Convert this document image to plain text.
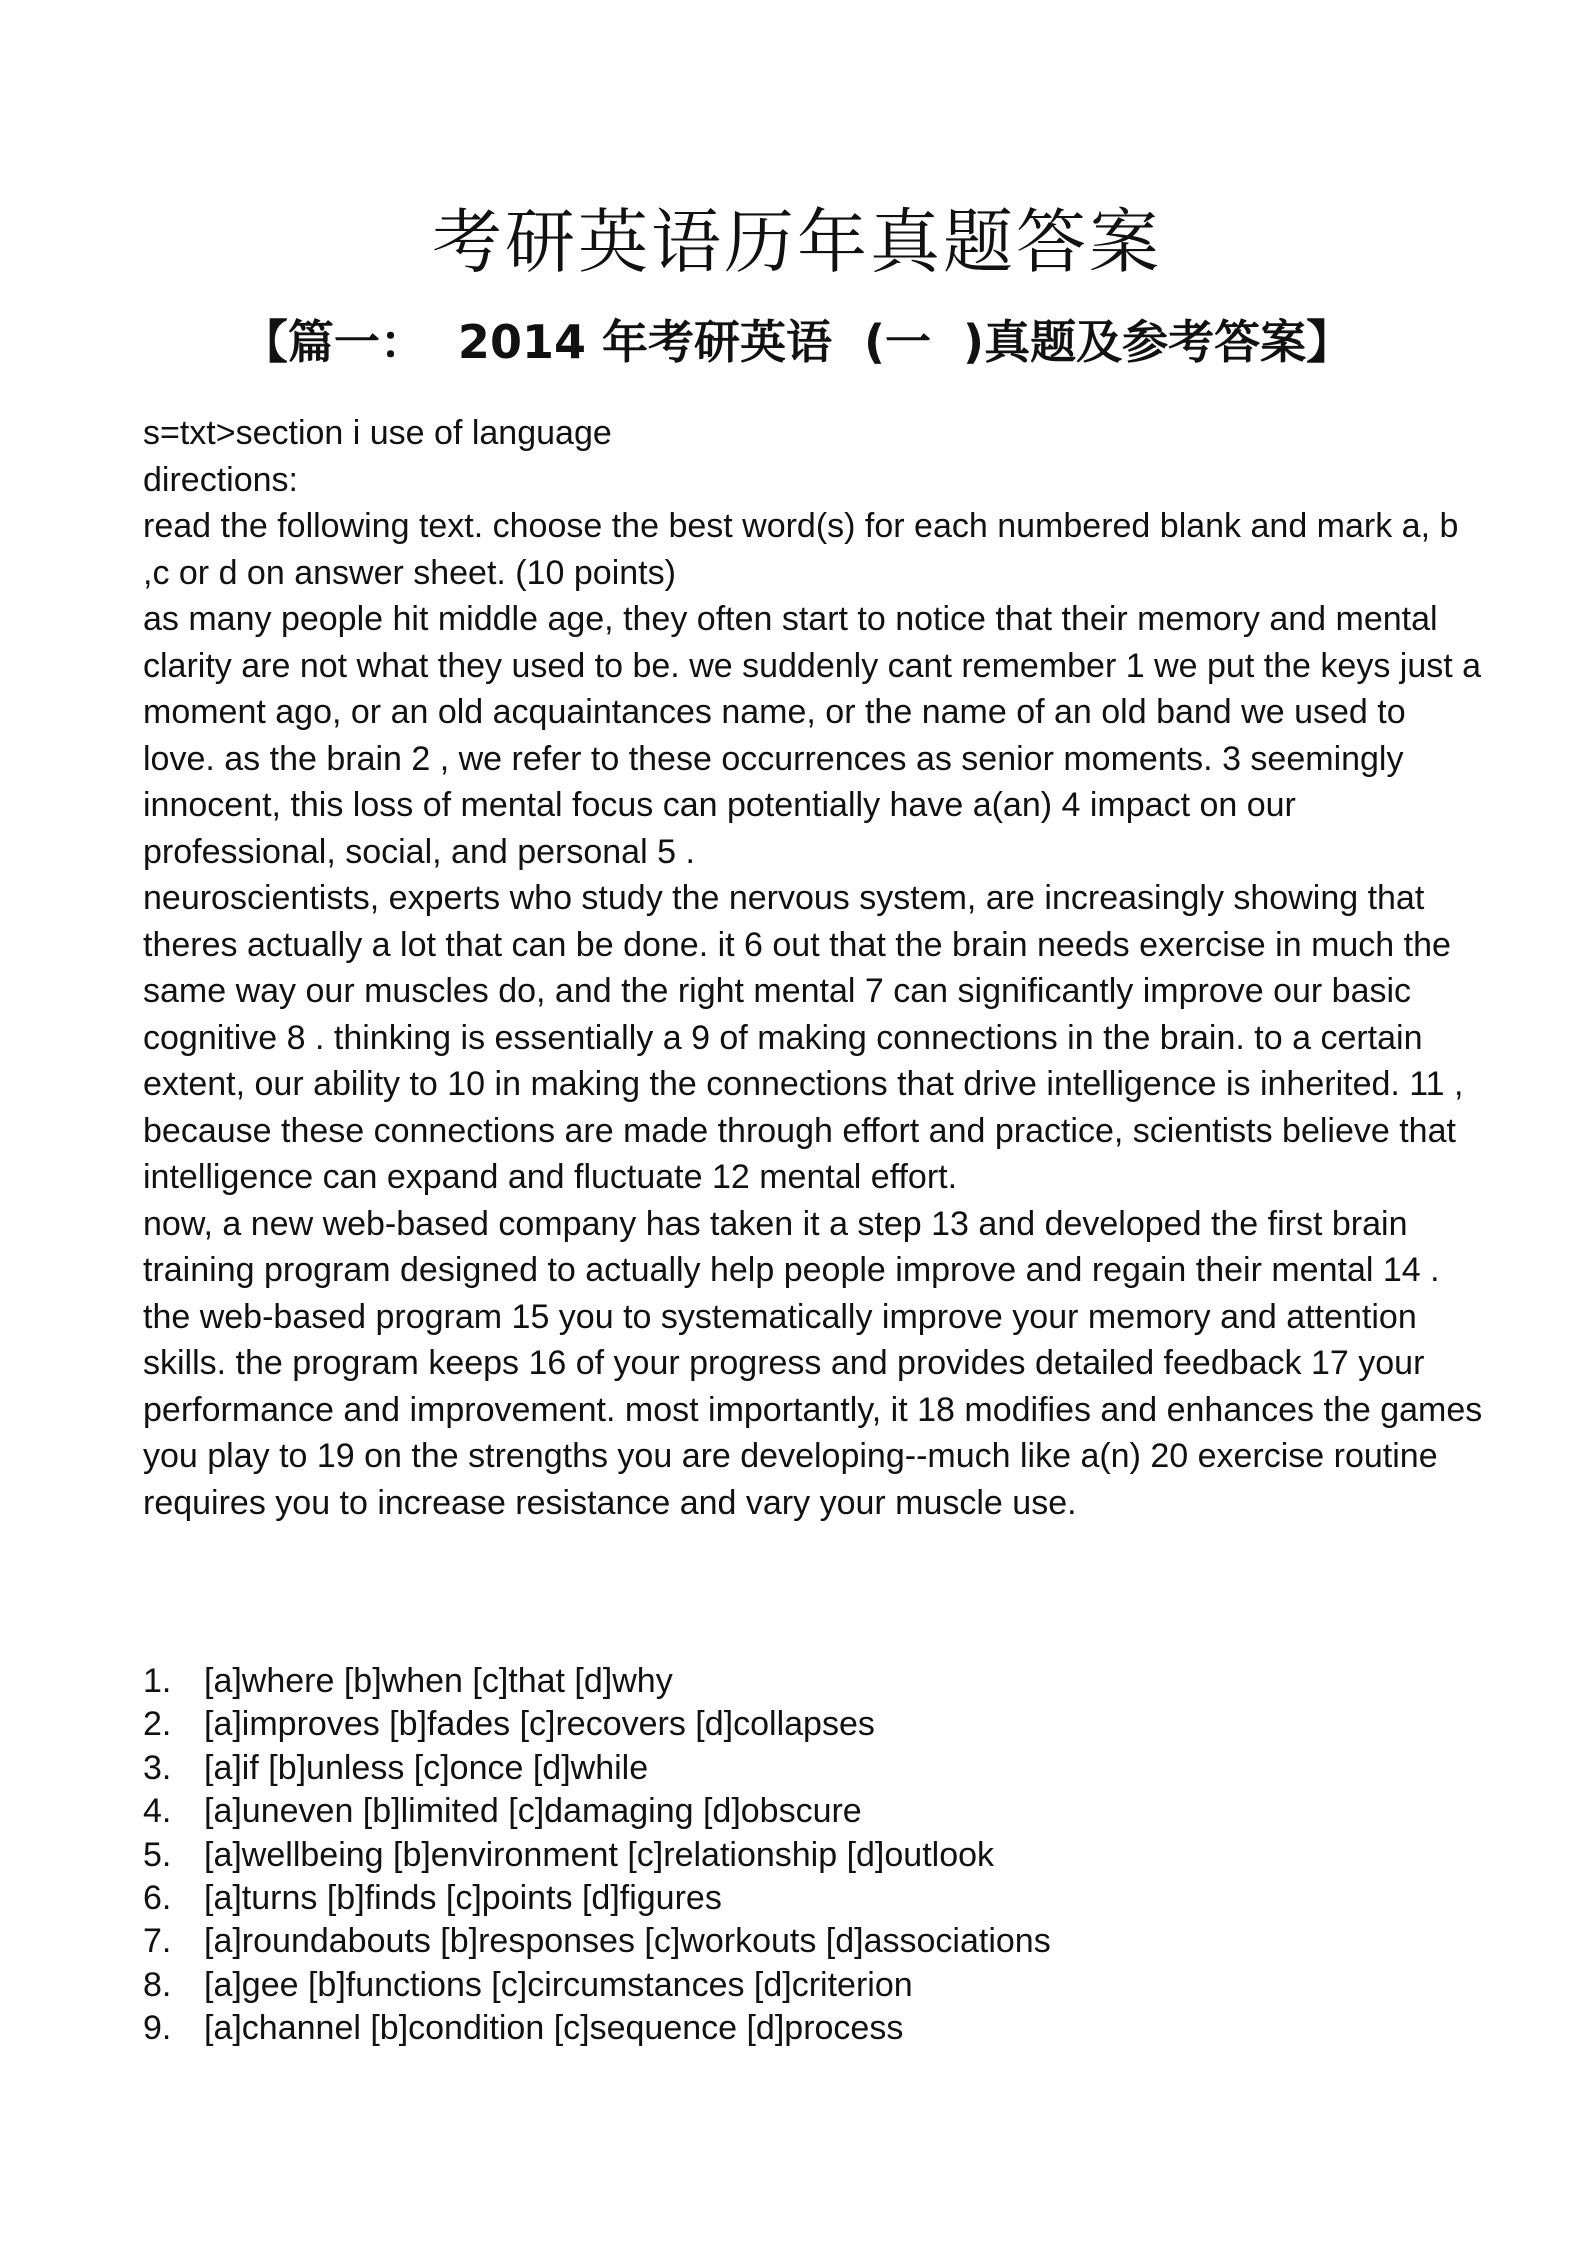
考研英语历年真题答案
【篇一：  2014 年考研英语  (一  )真题及参考答案】

s=txt>section i use of language

directions:

read the following text. choose the best word(s) for each numbered blank and mark a, b ,c or d on answer sheet. (10 points)

as many people hit middle age, they often start to notice that their memory and mental clarity are not what they used to be. we suddenly cant remember 1 we put the keys just a moment ago, or an old acquaintances name, or the name of an old band we used to love. as the brain 2 , we refer to these occurrences as senior moments. 3 seemingly innocent, this loss of mental focus can potentially have a(an) 4 impact on our professional, social, and personal 5 .

neuroscientists, experts who study the nervous system, are increasingly showing that theres actually a lot that can be done. it 6 out that the brain needs exercise in much the same way our muscles do, and the right mental 7 can significantly improve our basic cognitive 8 . thinking is essentially a 9 of making connections in the brain. to a certain extent, our ability to 10 in making the connections that drive intelligence is inherited. 11 , because these connections are made through effort and practice, scientists believe that intelligence can expand and fluctuate 12 mental effort.

now, a new web-based company has taken it a step 13 and developed the first brain training program designed to actually help people improve and regain their mental 14 .

the web-based program 15 you to systematically improve your memory and attention skills. the program keeps 16 of your progress and provides detailed feedback 17 your performance and improvement. most importantly, it 18 modifies and enhances the games you play to 19 on the strengths you are developing--much like a(n) 20 exercise routine requires you to increase resistance and vary your muscle use.

1. [a]where [b]when [c]that [d]why
2. [a]improves [b]fades [c]recovers [d]collapses
3. [a]if [b]unless [c]once [d]while
4. [a]uneven [b]limited [c]damaging [d]obscure
5. [a]wellbeing [b]environment [c]relationship [d]outlook
6. [a]turns [b]finds [c]points [d]figures
7. [a]roundabouts [b]responses [c]workouts [d]associations
8. [a]gee [b]functions [c]circumstances [d]criterion
9. [a]channel [b]condition [c]sequence [d]process
